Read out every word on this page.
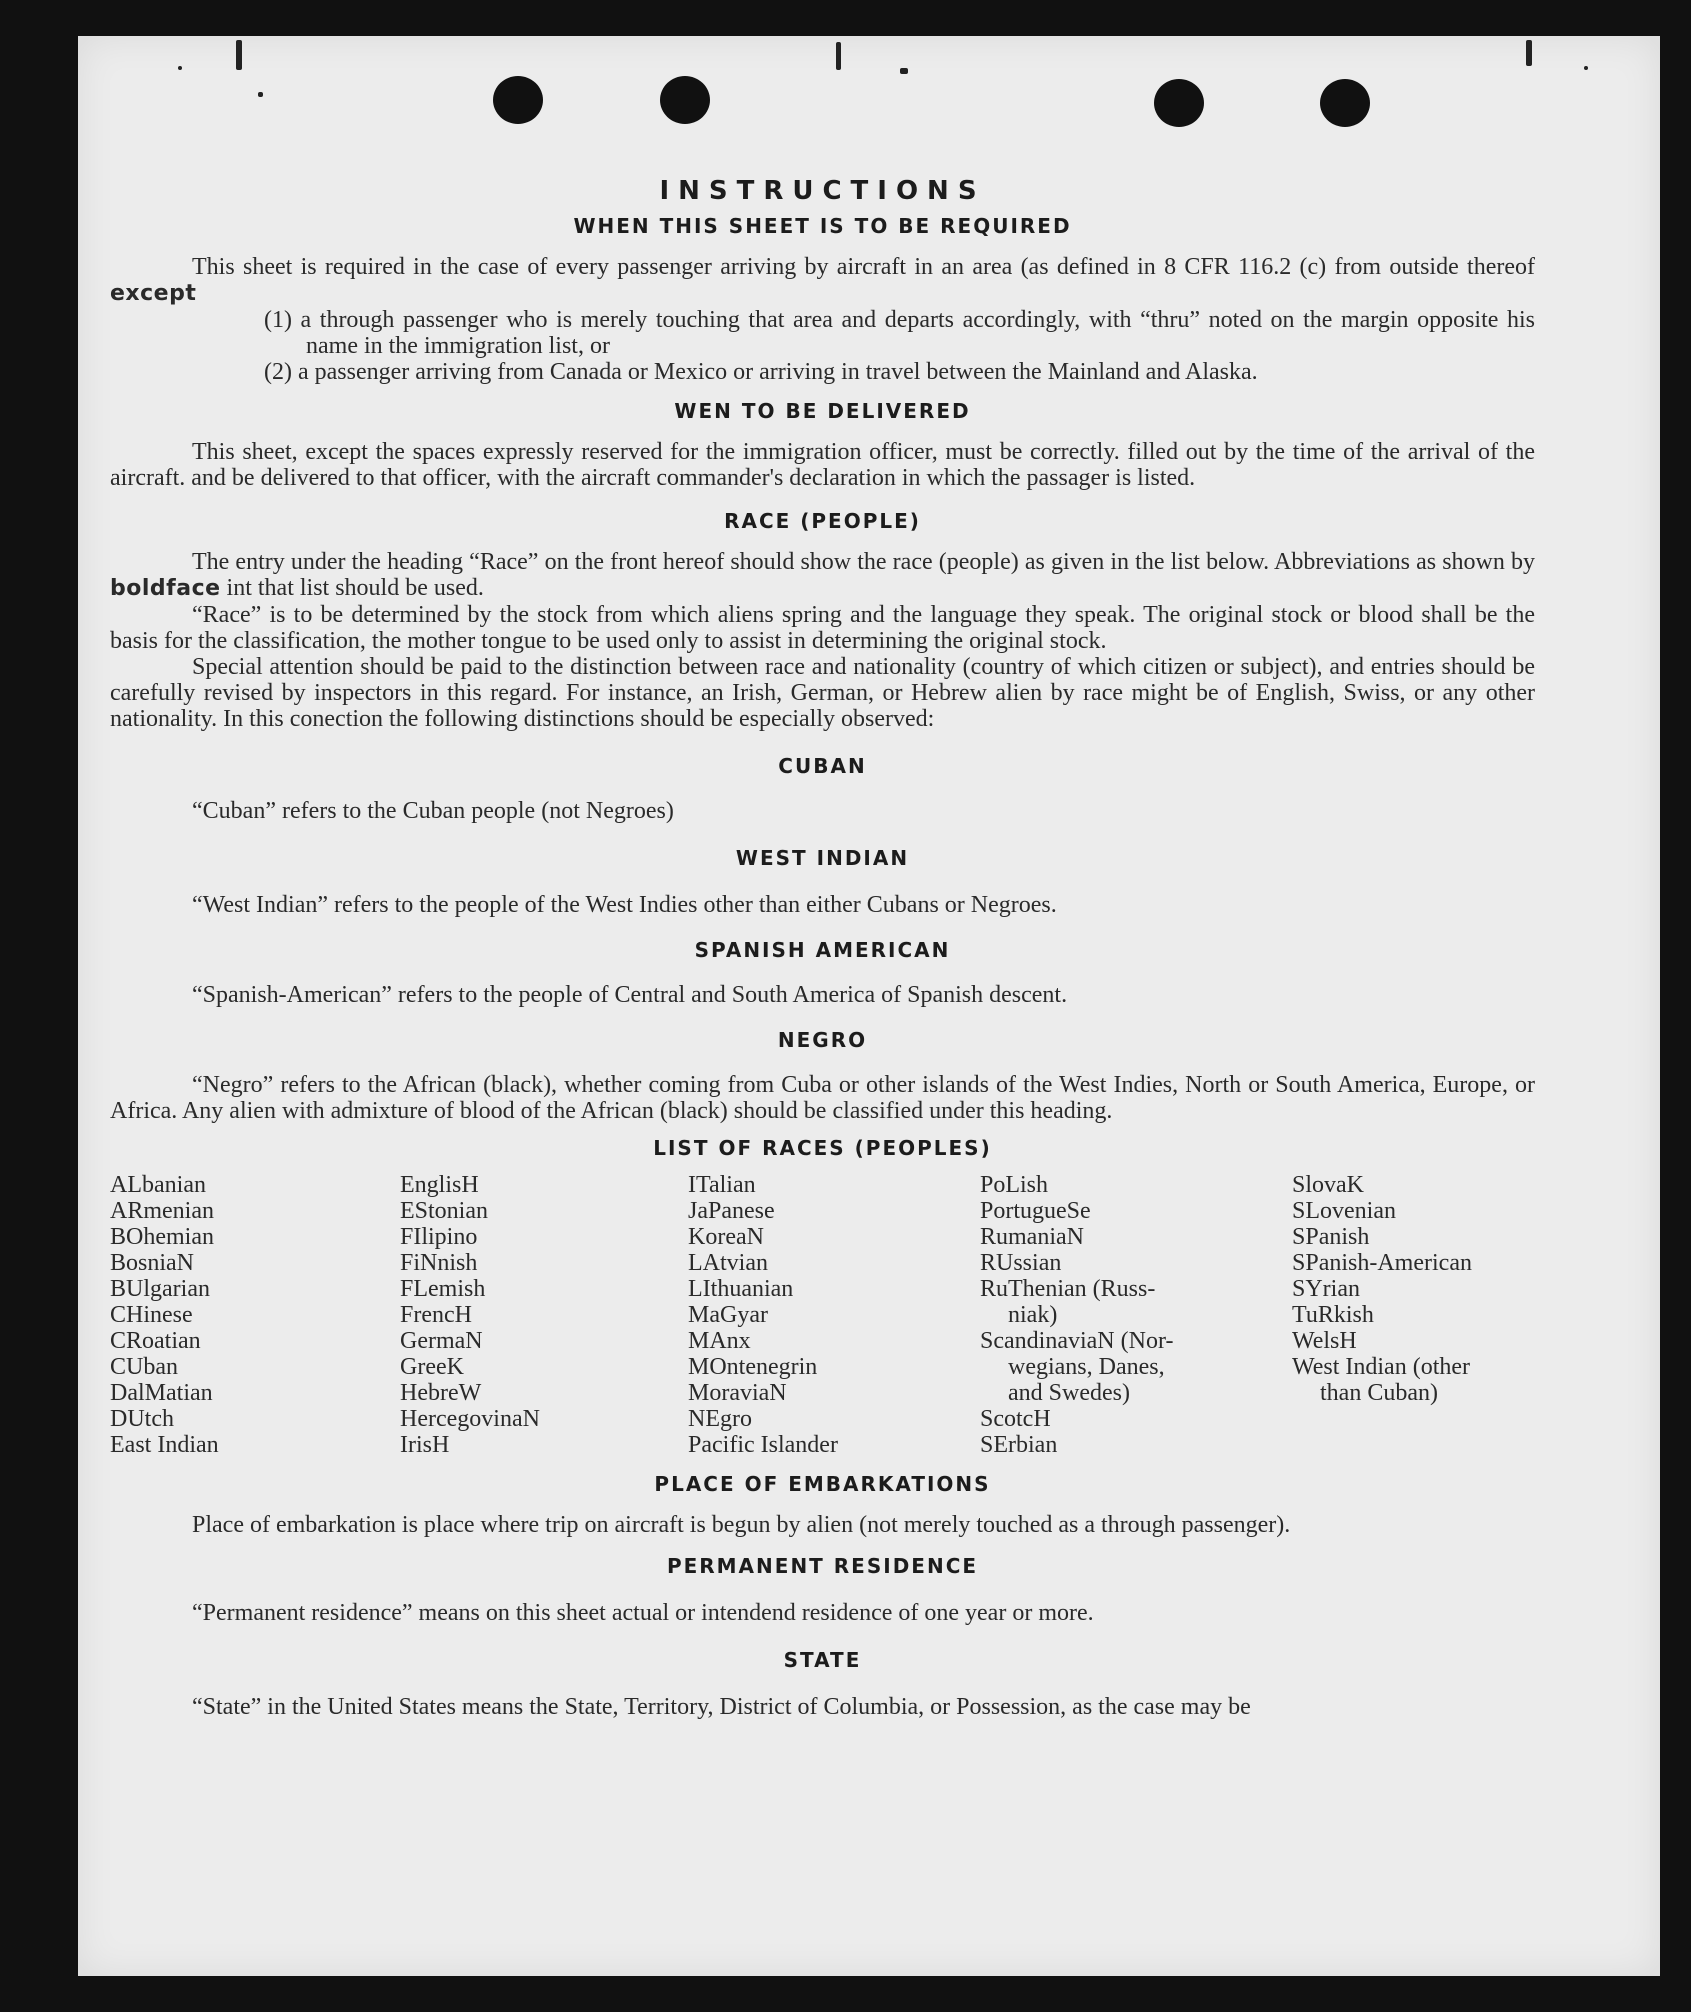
INSTRUCTIONS
WHEN THIS SHEET IS TO BE REQUIRED

This sheet is required in the case of every passenger arriving by aircraft in an area (as defined in 8 CFR 116.2 (c) from outside thereof except

(1) a through passenger who is merely touching that area and departs accordingly, with “thru” noted on the margin opposite his name in the immigration list, or

(2) a passenger arriving from Canada or Mexico or arriving in travel between the Mainland and Alaska.

WEN TO BE DELIVERED

This sheet, except the spaces expressly reserved for the immigration officer, must be correctly. filled out by the time of the arrival of the aircraft. and be delivered to that officer, with the aircraft commander's declaration in which the passager is listed.

RACE (PEOPLE)

The entry under the heading “Race” on the front hereof should show the race (people) as given in the list below. Abbreviations as shown by boldface int that list should be used.

“Race” is to be determined by the stock from which aliens spring and the language they speak. The original stock or blood shall be the basis for the classification, the mother tongue to be used only to assist in determining the original stock.

Special attention should be paid to the distinction between race and nationality (country of which citizen or subject), and entries should be carefully revised by inspectors in this regard. For instance, an Irish, German, or Hebrew alien by race might be of English, Swiss, or any other nationality. In this conection the following distinctions should be especially observed:

CUBAN

“Cuban” refers to the Cuban people (not Negroes)

WEST INDIAN

“West Indian” refers to the people of the West Indies other than either Cubans or Negroes.

SPANISH AMERICAN

“Spanish-American” refers to the people of Central and South America of Spanish descent.

NEGRO

“Negro” refers to the African (black), whether coming from Cuba or other islands of the West Indies, North or South America, Europe, or Africa. Any alien with admixture of blood of the African (black) should be classified under this heading.

LIST OF RACES (PEOPLES)
ALbanian
ARmenian
BOhemian
BosniaN
BUlgarian
CHinese
CRoatian
CUban
DalMatian
DUtch
East Indian
EnglisH
EStonian
FIlipino
FiNnish
FLemish
FrencH
GermaN
GreeK
HebreW
HercegovinaN
IrisH
ITalian
JaPanese
KoreaN
LAtvian
LIthuanian
MaGyar
MAnx
MOntenegrin
MoraviaN
NEgro
Pacific Islander
PoLish
PortugueSe
RumaniaN
RUssian
RuThenian (Russ-
niak)
ScandinaviaN (Nor-
wegians, Danes,
and Swedes)
ScotcH
SErbian
SlovaK
SLovenian
SPanish
SPanish-American
SYrian
TuRkish
WelsH
West Indian (other
than Cuban)
PLACE OF EMBARKATIONS

Place of embarkation is place where trip on aircraft is begun by alien (not merely touched as a through passenger).

PERMANENT RESIDENCE

“Permanent residence” means on this sheet actual or intendend residence of one year or more.

STATE

“State” in the United States means the State, Territory, District of Columbia, or Possession, as the case may be
